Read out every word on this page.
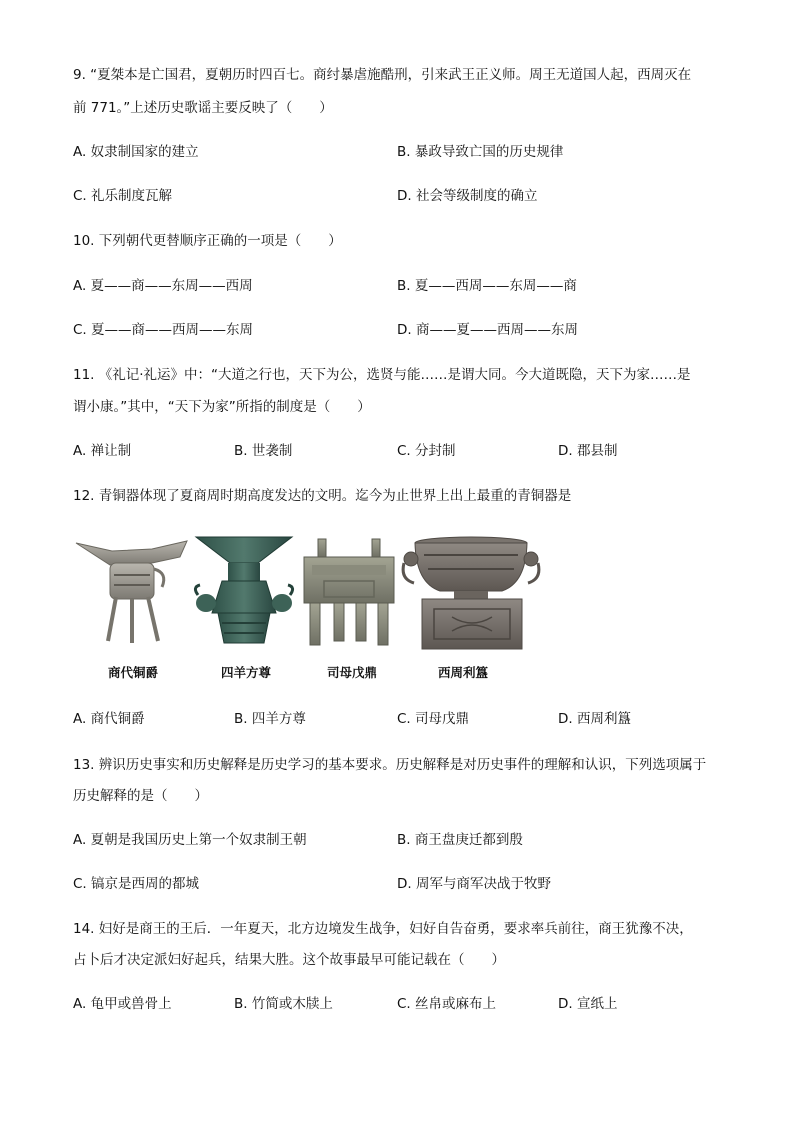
9. “夏桀本是亡国君，夏朝历时四百七。商纣暴虐施酷刑，引来武王正义师。周王无道国人起，西周灭在
前 771。”上述历史歌谣主要反映了（　　）
A. 奴隶制国家的建立	B. 暴政导致亡国的历史规律
C. 礼乐制度瓦解	D. 社会等级制度的确立
10. 下列朝代更替顺序正确的一项是（　　）
A. 夏——商——东周——西周	B. 夏——西周——东周——商
C. 夏——商——西周——东周	D. 商——夏——西周——东周
11. 《礼记·礼运》中：“大道之行也，天下为公，选贤与能……是谓大同。今大道既隐，天下为家……是
谓小康。”其中，“天下为家”所指的制度是（　　）
A. 禅让制	B. 世袭制	C. 分封制	D. 郡县制
12. 青铜器体现了夏商周时期高度发达的文明。迄今为止世界上出上最重的青铜器是
商代铜爵	四羊方尊	司母戊鼎	西周利簋
A. 商代铜爵	B. 四羊方尊	C. 司母戊鼎	D. 西周利簋
13. 辨识历史事实和历史解释是历史学习的基本要求。历史解释是对历史事件的理解和认识，下列选项属于
历史解释的是（　　）
A. 夏朝是我国历史上第一个奴隶制王朝	B. 商王盘庚迁都到殷
C. 镐京是西周的都城	D. 周军与商军决战于牧野
14. 妇好是商王的王后．一年夏天，北方边境发生战争，妇好自告奋勇，要求率兵前往，商王犹豫不决，
占卜后才决定派妇好起兵，结果大胜。这个故事最早可能记载在（　　）
A. 龟甲或兽骨上	B. 竹简或木牍上	C. 丝帛或麻布上	D. 宣纸上
